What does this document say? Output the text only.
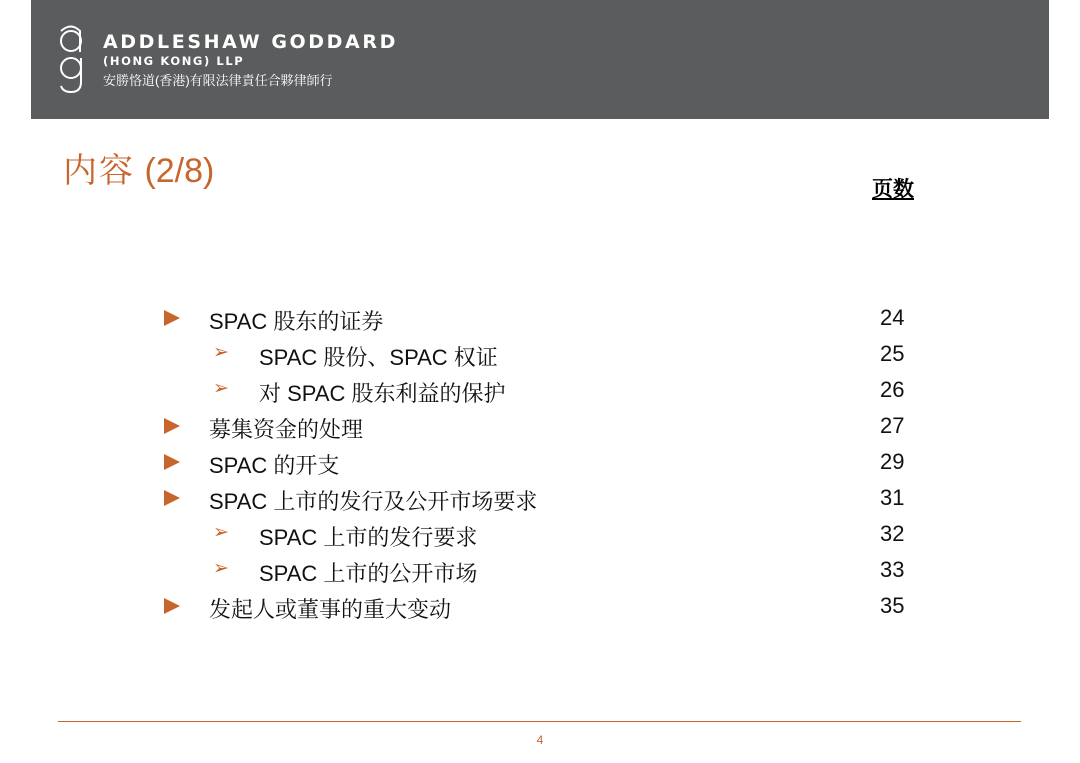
ADDLESHAW GODDARD
(HONG KONG) LLP
安勝恪道(香港)有限法律責任合夥律師行
内容 (2/8)	页数
SPAC 股东的证券	24
➢ SPAC 股份、SPAC 权证	25
➢ 对 SPAC 股东利益的保护	26
募集资金的处理	27
SPAC 的开支	29
SPAC 上市的发行及公开市场要求	31
➢ SPAC 上市的发行要求	32
➢ SPAC 上市的公开市场	33
发起人或董事的重大变动	35
4
